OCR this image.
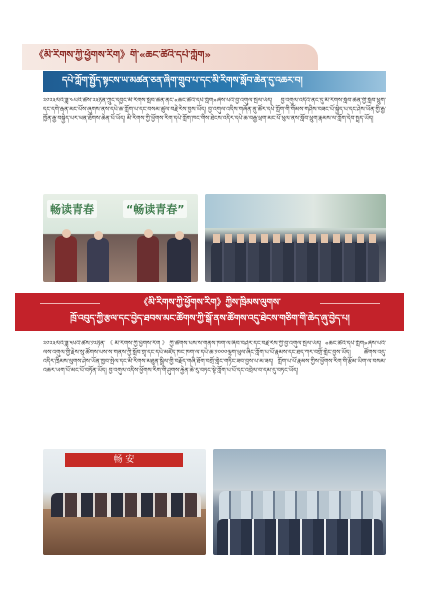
《མི་རིགས་ཀྱི་ཕྱོགས་རིག》གི་«ཆང་ཚིའི་དཔེ་ཀློག»
དཔེ་ཀློག་སྤྱོད་སྟངས་ཡ་མཚན་ཅན་ཞིག་གྲུབ་པ་དང་མི་རིགས་སློབ་ཆེན་དུ་འཆར་བ།
༢༠༢༣ལོའི་ཟླ་༤པའི་ཚེས་༢༣ཉིན་ཀྲུང་དབྱང་མི་རིགས་སློབ་ཆེན་ནང་«ཆང་ཚིའི་དཔེ་ཀློག»ཞེས་པའི་བྱ་འགུལ་སྤེལ་ཡོད། བྱ་འགུལ་འདིའི་ནང་དུ་མི་རིགས་སློབ་ཆེན་གྱི་སློབ་ཕྲུག་དང་དགེ་རྒན་མང་པོས་ཞུགས་ནས་དཔེ་ཆ་ཀློག་པ་དང་བསམ་ཚུལ་བརྗེ་རེས་བྱས་ཡོད། བྱ་འགུལ་འདིས་གཞོན་ནུ་ཚོར་དཔེ་ཀློག་གི་གོམས་གཤིས་བཟང་པོ་སྐྱེད་པ་དང་ཤེས་ཡོན་གྱི་རྒྱ་ཁྱོན་རྒྱ་བསྐྱེད་པར་ཕན་ཐོགས་ཆེན་པོ་ཡོད། མི་རིགས་ཀྱི་ཕྱོགས་རིག་དཔེ་ཀློག་ཁང་གིས་ཐེངས་འདིར་དཔེ་ཆ་བརྒྱ་ཕྲག་མང་པོ་ཕུལ་ནས་སློབ་ཕྲུག་རྣམས་ལ་ཀློག་དེབ་སྤྲད་ཡོད།
畅读青春	“畅读青春”
《མི་རིགས་ཀྱི་ཕྱོགས་རིག》ཀྱིས་ཁྲིམས་ལུགས་
ཁྲོ་འབུད་ཀྱི་རྩལ་དང་བྱེད་ཐབས་མང་ཚོགས་ཀྱི་སྒོ་ནས་ཚོགས་འདུ་ཐེངས་གཅིག་གི་ཆེད་ཞུ་བྱེད་པ།
༢༠༢༣ལོའི་ཟླ་༥པའི་ཚེས་༡༢ཉིན་《མི་རིགས་ཀྱི་ཕྱོགས་རིག》ཀྱི་ཚོགས་པས་ས་གནས་ཁག་ལ་ཞིབ་བཤེར་དང་བརྗེ་རེས་ཀྱི་བྱ་འགུལ་སྤེལ་ཡོད། «ཆང་ཚིའི་དཔེ་ཀློག»ཞེས་པའི་ལས་འགུལ་གྱི་རྗེས་སུ་ཚོགས་པས་ས་གནས་ཀྱི་སློབ་གྲྭ་དང་དཔེ་མཛོད་ཁང་ཁག་ལ་དཔེ་ཆ་༡༠༠༠ལྷག་ཕུལ་ཞིང་ཀློག་པ་པོ་རྣམས་དང་ཐད་ཀར་བགྲོ་གླེང་བྱས་ཡོད། ཚོགས་འདུ་འདིར་ཁྲིམས་ལུགས་ཤེས་ཡོན་ཁྱབ་སྤེལ་དང་མི་རིགས་མཐུན་སྒྲིལ་གྱི་བརྗོད་གཞི་ཐོག་བགྲོ་གླེང་གཏིང་ཟབ་བྱས་པ་མ་ཟད། ཀློག་པ་པོ་རྣམས་ཀྱིས་ཕྱོགས་རིག་གི་རྩོམ་ཡིག་ལ་བསམ་འཆར་ཡག་པོ་མང་པོ་བཏོན་ཡོད། བྱ་འགུལ་འདིས་ཕྱོགས་རིག་གི་ཤུགས་རྐྱེན་ཆེ་རུ་བཏང་སྟེ་ཀློག་པ་པོ་དང་འབྲེལ་བ་དམ་དུ་བཏང་ཡོད།
畅 安
